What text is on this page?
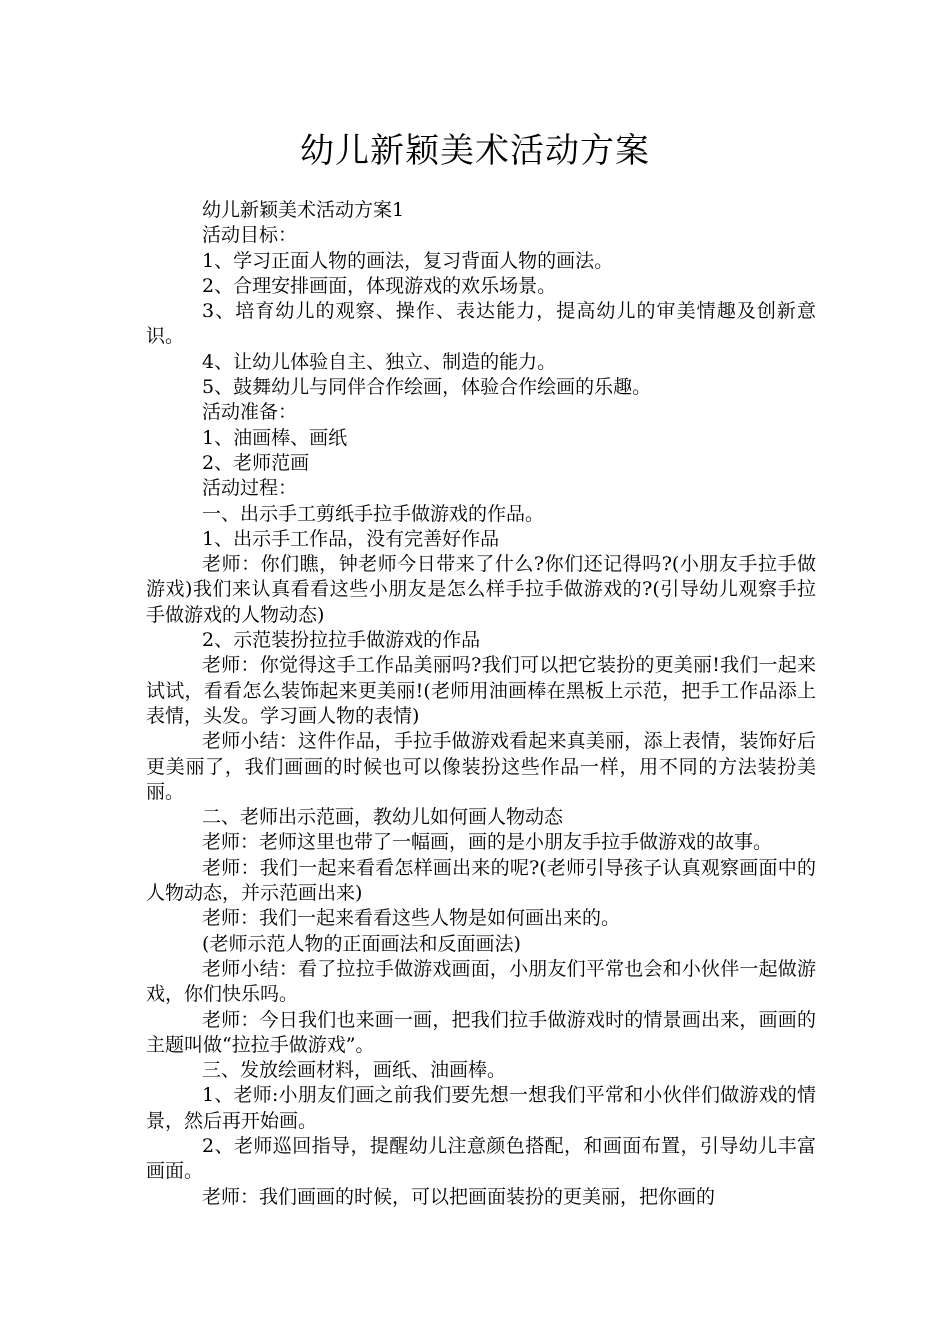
幼儿新颖美术活动方案

幼儿新颖美术活动方案1

活动目标：

1、学习正面人物的画法，复习背面人物的画法。

2、合理安排画面，体现游戏的欢乐场景。

3、培育幼儿的观察、操作、表达能力，提高幼儿的审美情趣及创新意识。

4、让幼儿体验自主、独立、制造的能力。

5、鼓舞幼儿与同伴合作绘画，体验合作绘画的乐趣。

活动准备：

1、油画棒、画纸

2、老师范画

活动过程：

一、出示手工剪纸手拉手做游戏的作品。

1、出示手工作品，没有完善好作品

老师：你们瞧，钟老师今日带来了什么?你们还记得吗?(小朋友手拉手做游戏)我们来认真看看这些小朋友是怎么样手拉手做游戏的?(引导幼儿观察手拉手做游戏的人物动态)

2、示范装扮拉拉手做游戏的作品

老师：你觉得这手工作品美丽吗?我们可以把它装扮的更美丽!我们一起来试试，看看怎么装饰起来更美丽!(老师用油画棒在黑板上示范，把手工作品添上表情，头发。学习画人物的表情)

老师小结：这件作品，手拉手做游戏看起来真美丽，添上表情，装饰好后更美丽了，我们画画的时候也可以像装扮这些作品一样，用不同的方法装扮美丽。

二、老师出示范画，教幼儿如何画人物动态

老师：老师这里也带了一幅画，画的是小朋友手拉手做游戏的故事。

老师：我们一起来看看怎样画出来的呢?(老师引导孩子认真观察画面中的人物动态，并示范画出来)

老师：我们一起来看看这些人物是如何画出来的。

(老师示范人物的正面画法和反面画法)

老师小结：看了拉拉手做游戏画面，小朋友们平常也会和小伙伴一起做游戏，你们快乐吗。

老师：今日我们也来画一画，把我们拉手做游戏时的情景画出来，画画的主题叫做“拉拉手做游戏”。

三、发放绘画材料，画纸、油画棒。

1、老师:小朋友们画之前我们要先想一想我们平常和小伙伴们做游戏的情景，然后再开始画。

2、老师巡回指导，提醒幼儿注意颜色搭配，和画面布置，引导幼儿丰富画面。

老师：我们画画的时候，可以把画面装扮的更美丽，把你画的
